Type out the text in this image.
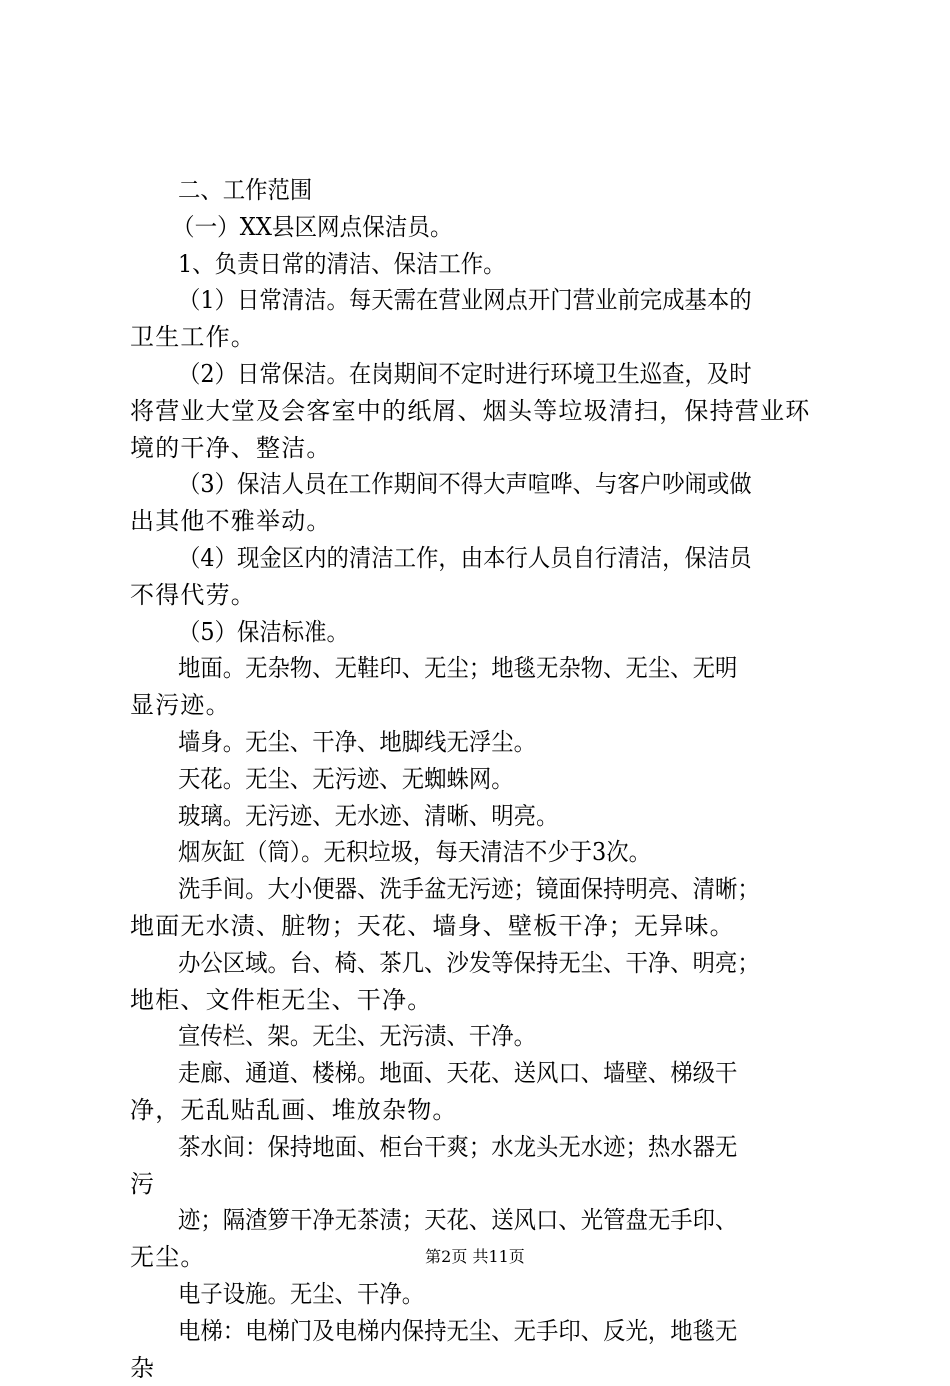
二、工作范围
（一）XX县区网点保洁员。
1、负责日常的清洁、保洁工作。
（1）日常清洁。每天需在营业网点开门营业前完成基本的
卫生工作。
（2）日常保洁。在岗期间不定时进行环境卫生巡查，及时
将营业大堂及会客室中的纸屑、烟头等垃圾清扫，保持营业环
境的干净、整洁。
（3）保洁人员在工作期间不得大声喧哗、与客户吵闹或做
出其他不雅举动。
（4）现金区内的清洁工作，由本行人员自行清洁，保洁员
不得代劳。
（5）保洁标准。
地面。无杂物、无鞋印、无尘；地毯无杂物、无尘、无明
显污迹。
墙身。无尘、干净、地脚线无浮尘。
天花。无尘、无污迹、无蜘蛛网。
玻璃。无污迹、无水迹、清晰、明亮。
烟灰缸（筒）。无积垃圾，每天清洁不少于3次。
洗手间。大小便器、洗手盆无污迹；镜面保持明亮、清晰；
地面无水渍、脏物；天花、墙身、壁板干净；无异味。
办公区域。台、椅、茶几、沙发等保持无尘、干净、明亮；
地柜、文件柜无尘、干净。
宣传栏、架。无尘、无污渍、干净。
走廊、通道、楼梯。地面、天花、送风口、墙壁、梯级干
净，无乱贴乱画、堆放杂物。
茶水间：保持地面、柜台干爽；水龙头无水迹；热水器无
污
迹；隔渣箩干净无茶渍；天花、送风口、光管盘无手印、
无尘。
电子设施。无尘、干净。
电梯：电梯门及电梯内保持无尘、无手印、反光，地毯无
杂
第2页 共11页
